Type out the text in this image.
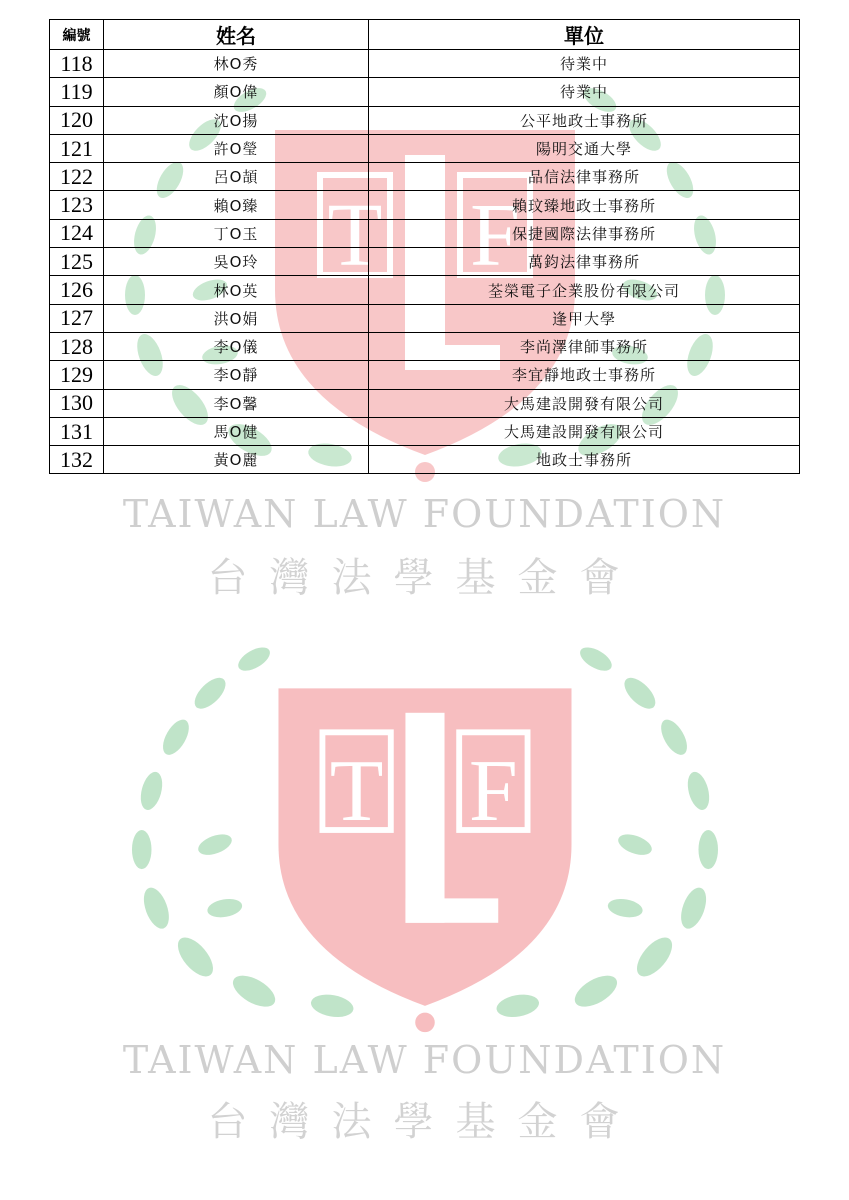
T F
TAIWAN LAW FOUNDATION
台灣法學基金會
T F
TAIWAN LAW FOUNDATION
台灣法學基金會
編號	姓名	單位
118	林O秀	待業中
119	顏O偉	待業中
120	沈O揚	公平地政士事務所
121	許O瑩	陽明交通大學
122	呂O頡	品信法律事務所
123	賴O臻	賴玟臻地政士事務所
124	丁O玉	保捷國際法律事務所
125	吳O玲	萬鈞法律事務所
126	林O英	荃榮電子企業股份有限公司
127	洪O娟	逢甲大學
128	李O儀	李尚澤律師事務所
129	李O靜	李宜靜地政士事務所
130	李O馨	大馬建設開發有限公司
131	馬O健	大馬建設開發有限公司
132	黃O麗	地政士事務所
